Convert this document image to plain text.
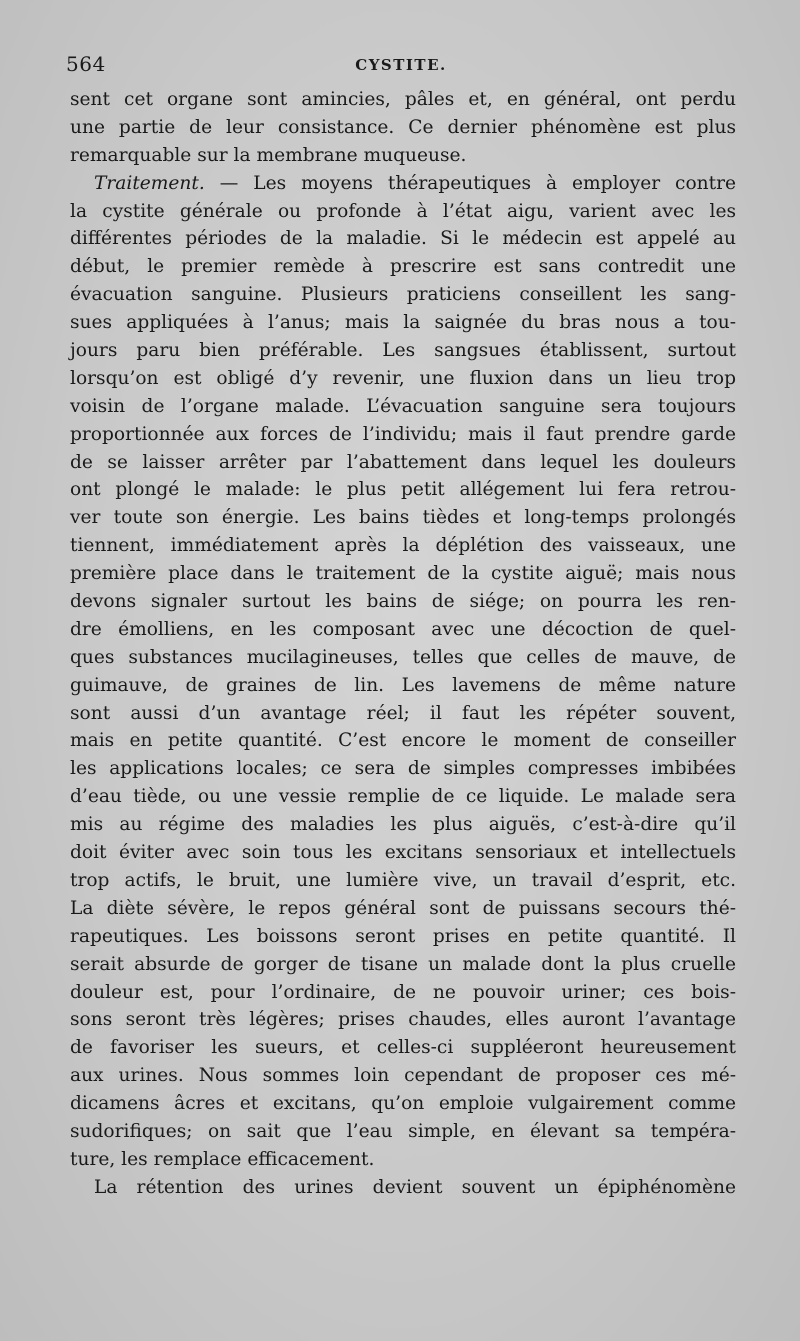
564	CYSTITE.
sent cet organe sont amincies, pâles et, en général, ont perdu
une partie de leur consistance. Ce dernier phénomène est plus
remarquable sur la membrane muqueuse.
Traitement. — Les moyens thérapeutiques à employer contre
la cystite générale ou profonde à l’état aigu, varient avec les
différentes périodes de la maladie. Si le médecin est appelé au
début, le premier remède à prescrire est sans contredit une
évacuation sanguine. Plusieurs praticiens conseillent les sang-
sues appliquées à l’anus; mais la saignée du bras nous a tou-
jours paru bien préférable. Les sangsues établissent, surtout
lorsqu’on est obligé d’y revenir, une fluxion dans un lieu trop
voisin de l’organe malade. L’évacuation sanguine sera toujours
proportionnée aux forces de l’individu; mais il faut prendre garde
de se laisser arrêter par l’abattement dans lequel les douleurs
ont plongé le malade: le plus petit allégement lui fera retrou-
ver toute son énergie. Les bains tièdes et long-temps prolongés
tiennent, immédiatement après la déplétion des vaisseaux, une
première place dans le traitement de la cystite aiguë; mais nous
devons signaler surtout les bains de siége; on pourra les ren-
dre émolliens, en les composant avec une décoction de quel-
ques substances mucilagineuses, telles que celles de mauve, de
guimauve, de graines de lin. Les lavemens de même nature
sont aussi d’un avantage réel; il faut les répéter souvent,
mais en petite quantité. C’est encore le moment de conseiller
les applications locales; ce sera de simples compresses imbibées
d’eau tiède, ou une vessie remplie de ce liquide. Le malade sera
mis au régime des maladies les plus aiguës, c’est-à-dire qu’il
doit éviter avec soin tous les excitans sensoriaux et intellectuels
trop actifs, le bruit, une lumière vive, un travail d’esprit, etc.
La diète sévère, le repos général sont de puissans secours thé-
rapeutiques. Les boissons seront prises en petite quantité. Il
serait absurde de gorger de tisane un malade dont la plus cruelle
douleur est, pour l’ordinaire, de ne pouvoir uriner; ces bois-
sons seront très légères; prises chaudes, elles auront l’avantage
de favoriser les sueurs, et celles-ci suppléeront heureusement
aux urines. Nous sommes loin cependant de proposer ces mé-
dicamens âcres et excitans, qu’on emploie vulgairement comme
sudorifiques; on sait que l’eau simple, en élevant sa tempéra-
ture, les remplace efficacement.
La rétention des urines devient souvent un épiphénomène
